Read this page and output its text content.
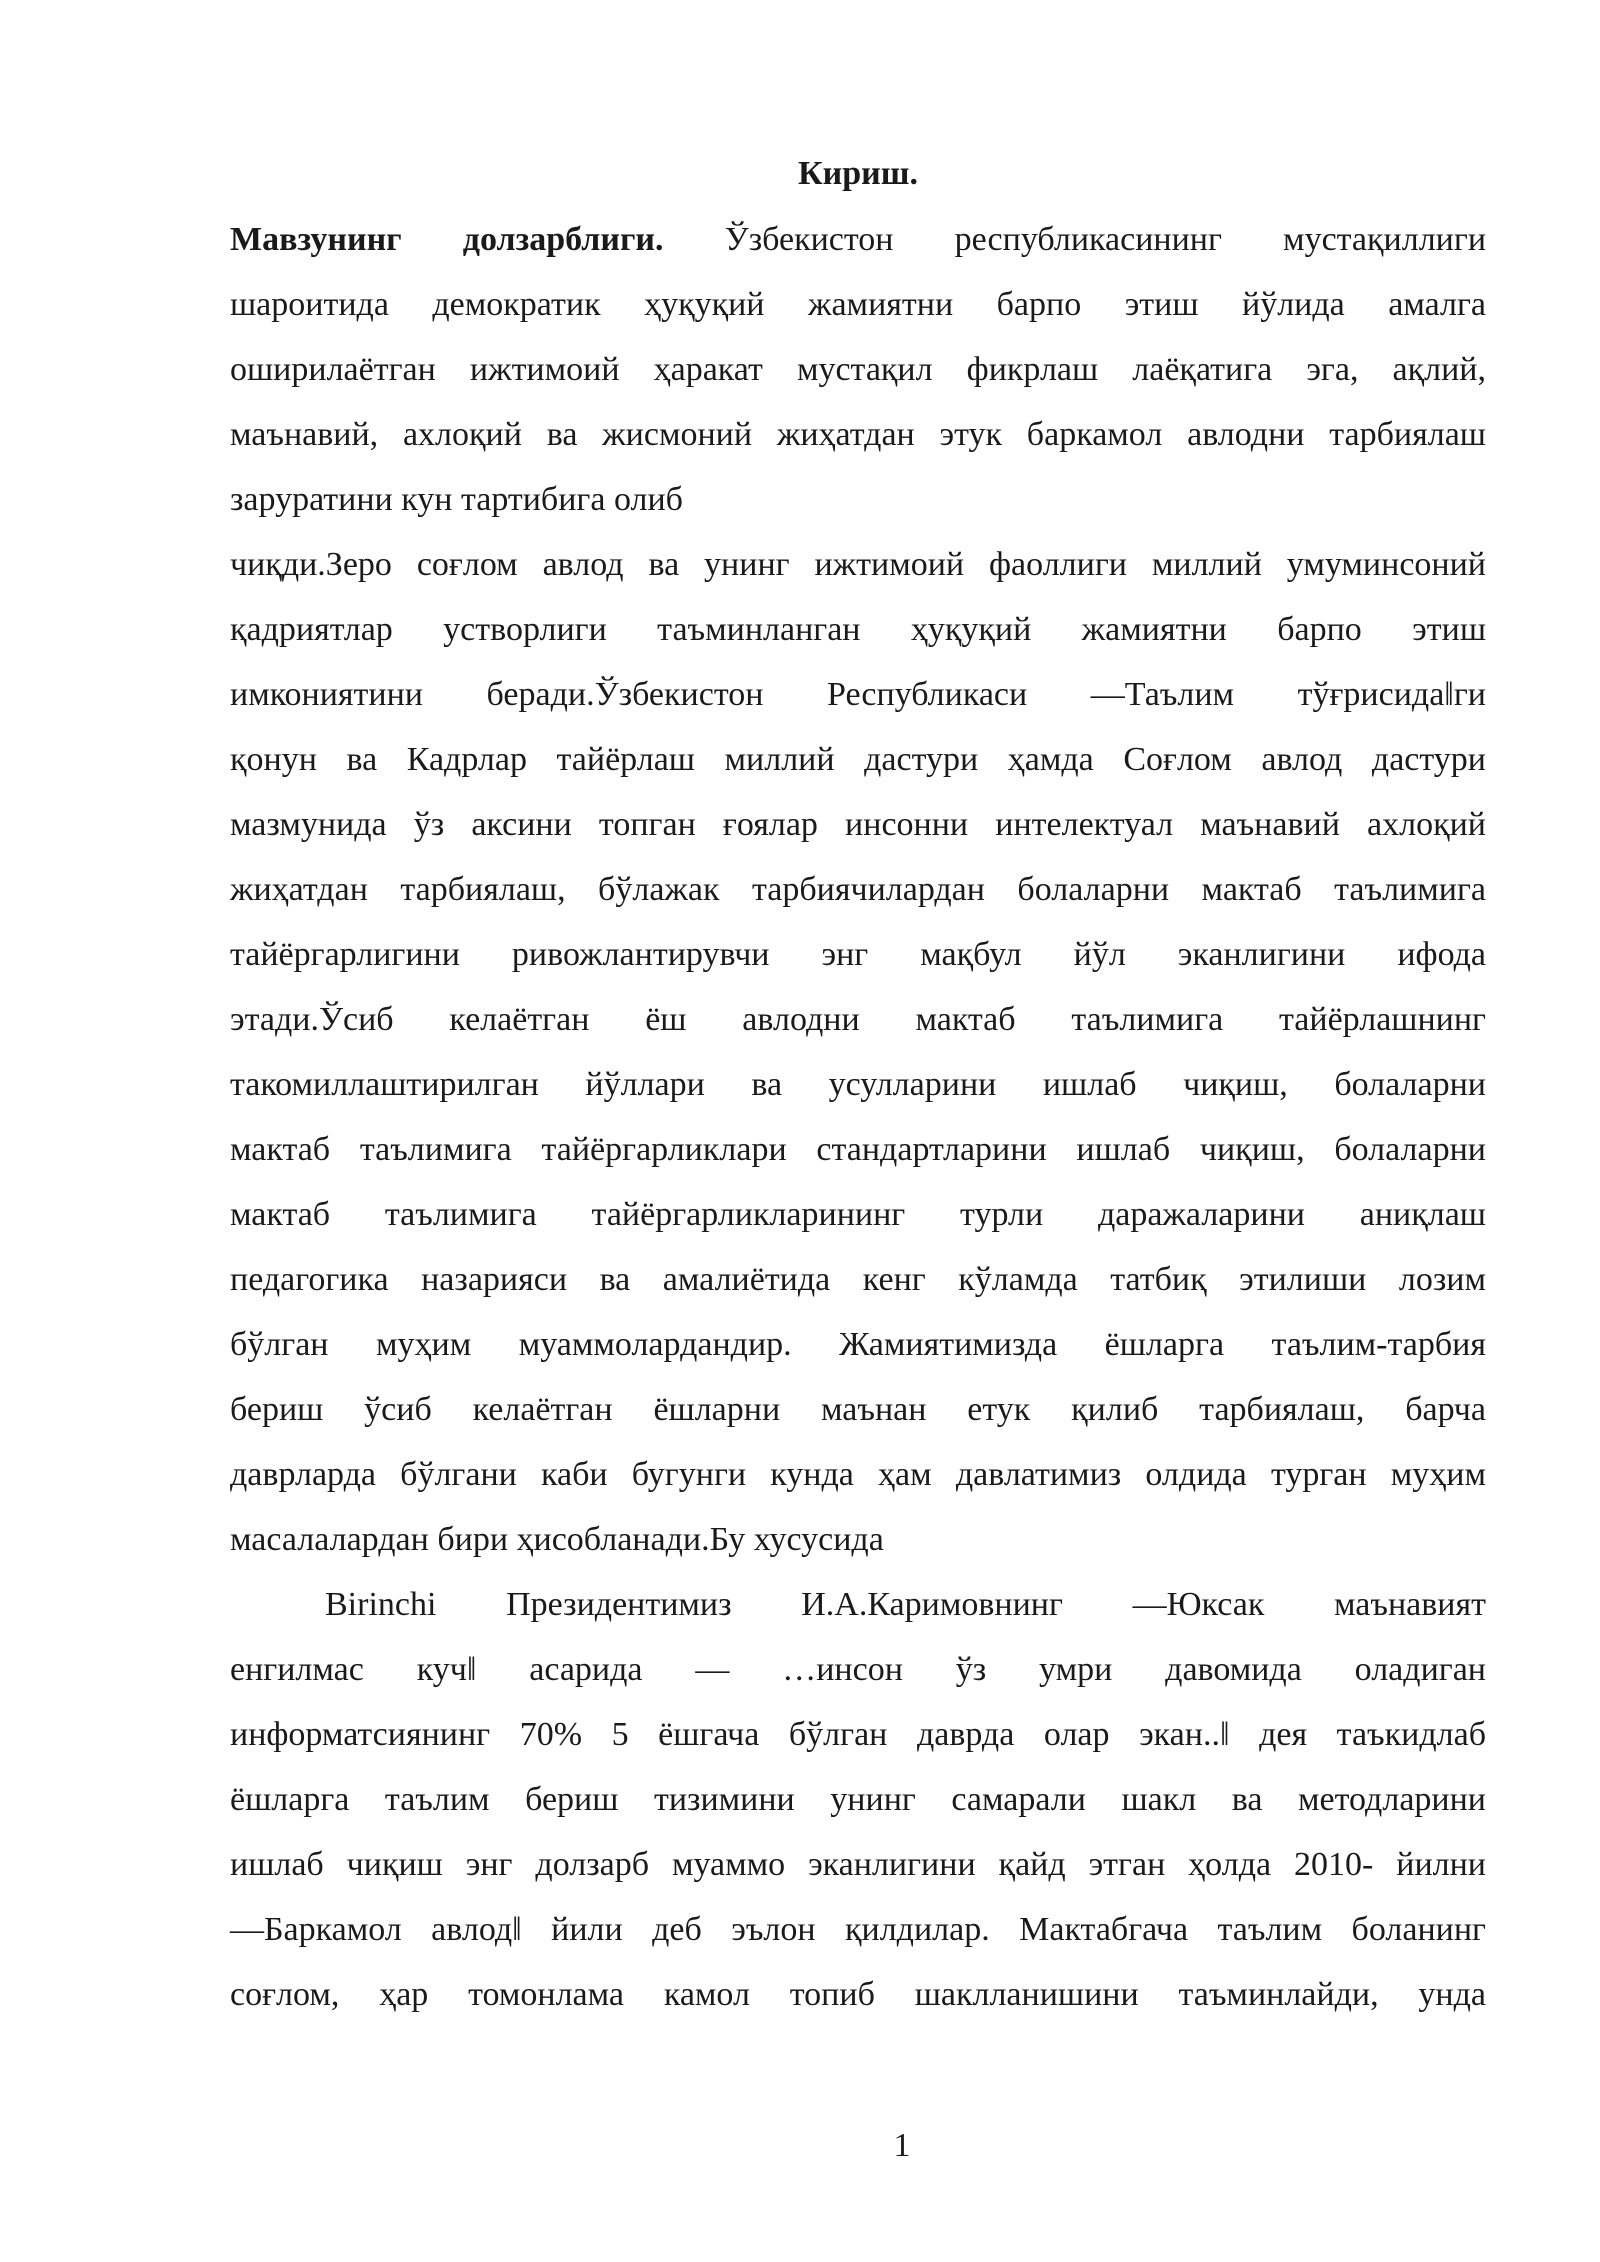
Кириш.

Мавзунинг долзарблиги. Ўзбекистон республикасининг мустақиллиги

шароитида демократик ҳуқуқий жамиятни барпо этиш йўлида амалга

оширилаётган ижтимоий ҳаракат мустақил фикрлаш лаёқатига эга, ақлий,

маънавий, ахлоқий ва жисмоний жиҳатдан этук баркамол авлодни тарбиялаш

заруратини кун тартибига олиб

чиқди.Зеро соғлом авлод ва унинг ижтимоий фаоллиги миллий умуминсоний

қадриятлар устворлиги таъминланган ҳуқуқий жамиятни барпо этиш

имкониятини беради.Ўзбекистон Республикаси ―Таълим тўғрисида‖ги

қонун ва Кадрлар тайёрлаш миллий дастури ҳамда Соғлом авлод дастури

мазмунида ўз аксини топган ғоялар инсонни интелектуал маънавий ахлоқий

жиҳатдан тарбиялаш, бўлажак тарбиячилардан болаларни мактаб таълимига

тайёргарлигини ривожлантирувчи энг мақбул йўл эканлигини ифода

этади.Ўсиб келаётган ёш авлодни мактаб таълимига тайёрлашнинг

такомиллаштирилган йўллари ва усулларини ишлаб чиқиш, болаларни

мактаб таълимига тайёргарликлари стандартларини ишлаб чиқиш, болаларни

мактаб таълимига тайёргарликларининг турли даражаларини аниқлаш

педагогика назарияси ва амалиётида кенг кўламда татбиқ этилиши лозим

бўлган муҳим муаммолардандир. Жамиятимизда ёшларга таълим-тарбия

бериш ўсиб келаётган ёшларни маънан етук қилиб тарбиялаш, барча

даврларда бўлгани каби бугунги кунда ҳам давлатимиз олдида турган муҳим

масалалардан бири ҳисобланади.Бу хусусида

Birinchi Президентимиз И.А.Каримовнинг ―Юксак маънавият

енгилмас куч‖ асарида ― …инсон ўз умри давомида оладиган

информатсиянинг 70% 5 ёшгача бўлган даврда олар экан..‖ дея таъкидлаб

ёшларга таълим бериш тизимини унинг самарали шакл ва методларини

ишлаб чиқиш энг долзарб муаммо эканлигини қайд этган ҳолда 2010- йилни

―Баркамол авлод‖ йили деб эълон қилдилар. Мактабгача таълим боланинг

соғлом, ҳар томонлама камол топиб шаклланишини таъминлайди, унда

1
